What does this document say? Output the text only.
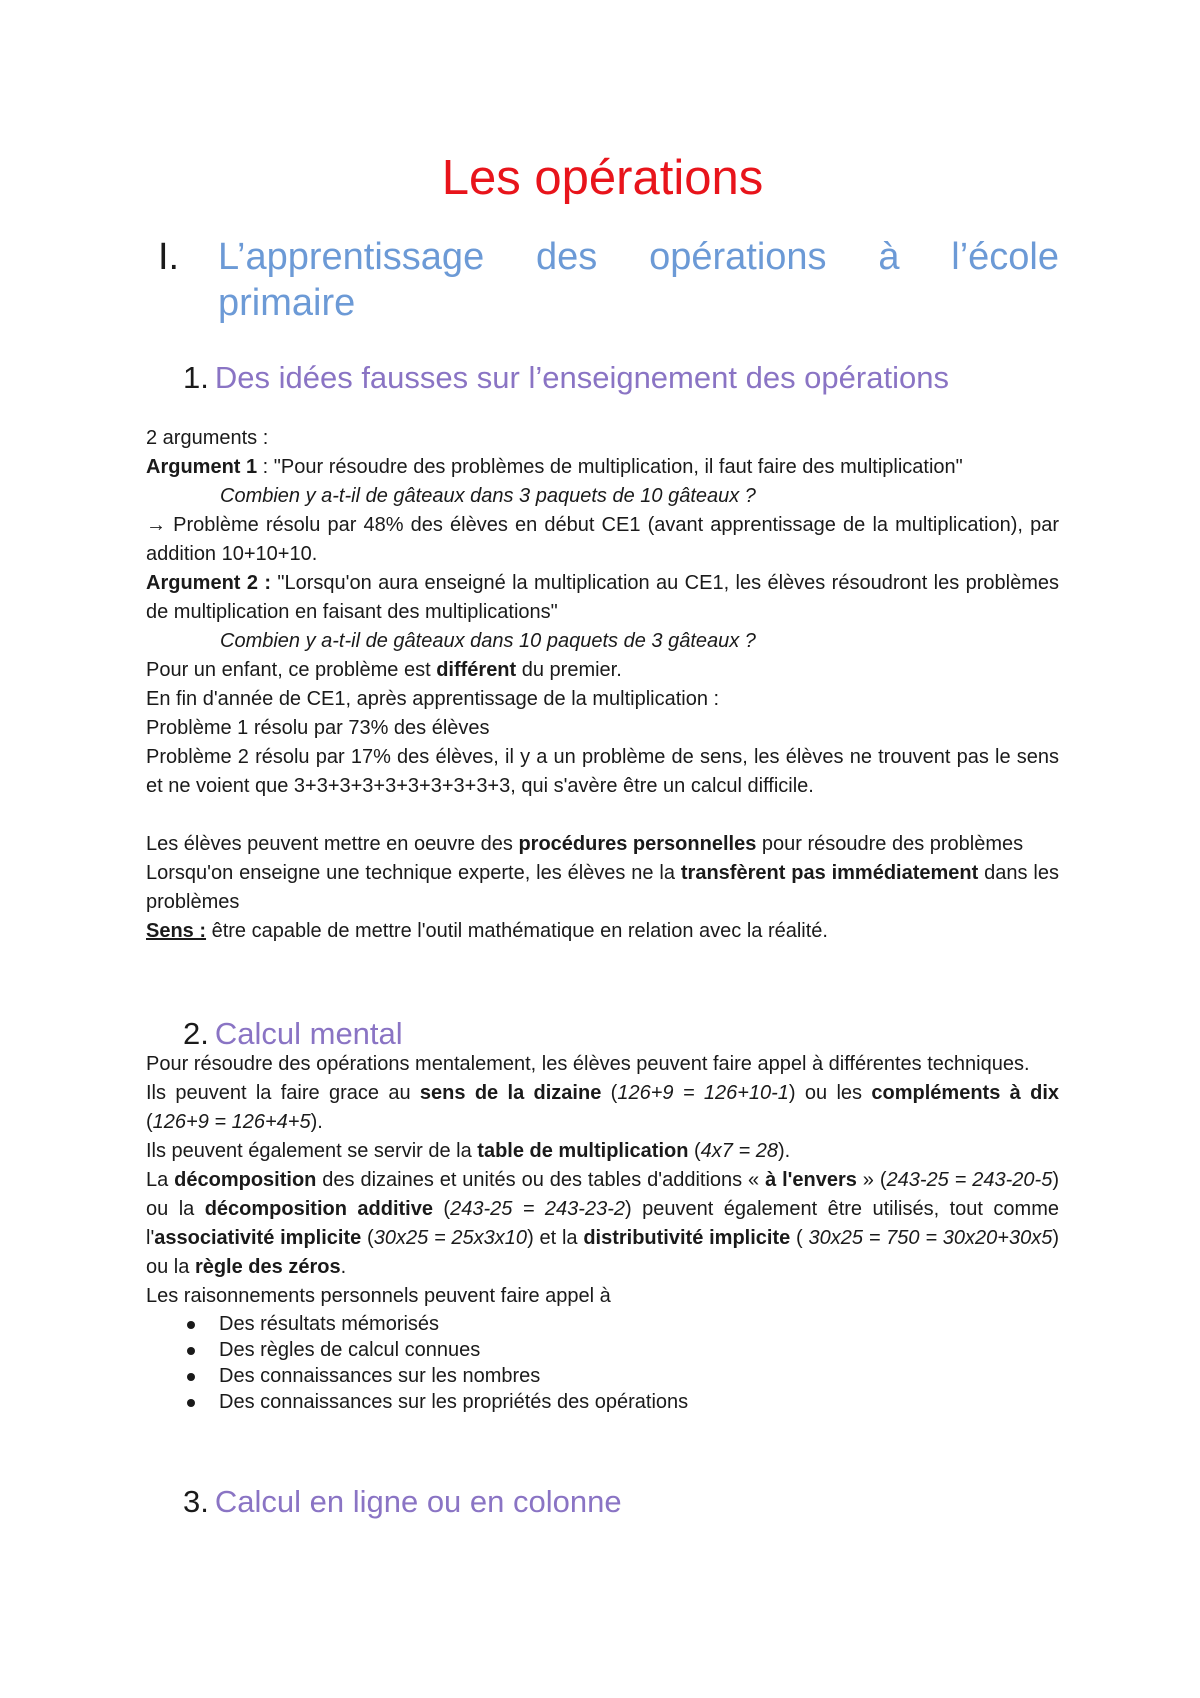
Les opérations
I. L’apprentissage des opérations à l’école
primaire
1. Des idées fausses sur l’enseignement des opérations

2 arguments :

Argument 1 : "Pour résoudre des problèmes de multiplication, il faut faire des multiplication"

Combien y a-t-il de gâteaux dans 3 paquets de 10 gâteaux ?

→ Problème résolu par 48% des élèves en début CE1 (avant apprentissage de la multiplication), par addition 10+10+10.

Argument 2 : "Lorsqu'on aura enseigné la multiplication au CE1, les élèves résoudront les problèmes de multiplication en faisant des multiplications"

Combien y a-t-il de gâteaux dans 10 paquets de 3 gâteaux ?

Pour un enfant, ce problème est différent du premier.

En fin d'année de CE1, après apprentissage de la multiplication :

Problème 1 résolu par 73% des élèves

Problème 2 résolu par 17% des élèves, il y a un problème de sens, les élèves ne trouvent pas le sens et ne voient que 3+3+3+3+3+3+3+3+3+3, qui s'avère être un calcul difficile.

Les élèves peuvent mettre en oeuvre des procédures personnelles pour résoudre des problèmes

Lorsqu'on enseigne une technique experte, les élèves ne la transfèrent pas immédiatement dans les problèmes

Sens : être capable de mettre l'outil mathématique en relation avec la réalité.

2. Calcul mental

Pour résoudre des opérations mentalement, les élèves peuvent faire appel à différentes techniques.

Ils peuvent la faire grace au sens de la dizaine (126+9 = 126+10-1) ou les compléments à dix (126+9 = 126+4+5).

Ils peuvent également se servir de la table de multiplication (4x7 = 28).

La décomposition des dizaines et unités ou des tables d'additions « à l'envers » (243-25 = 243-20-5) ou la décomposition additive (243-25 = 243-23-2) peuvent également être utilisés, tout comme l'associativité implicite (30x25 = 25x3x10) et la distributivité implicite ( 30x25 = 750 = 30x20+30x5) ou la règle des zéros.

Les raisonnements personnels peuvent faire appel à

Des résultats mémorisés
Des règles de calcul connues
Des connaissances sur les nombres
Des connaissances sur les propriétés des opérations
3. Calcul en ligne ou en colonne
